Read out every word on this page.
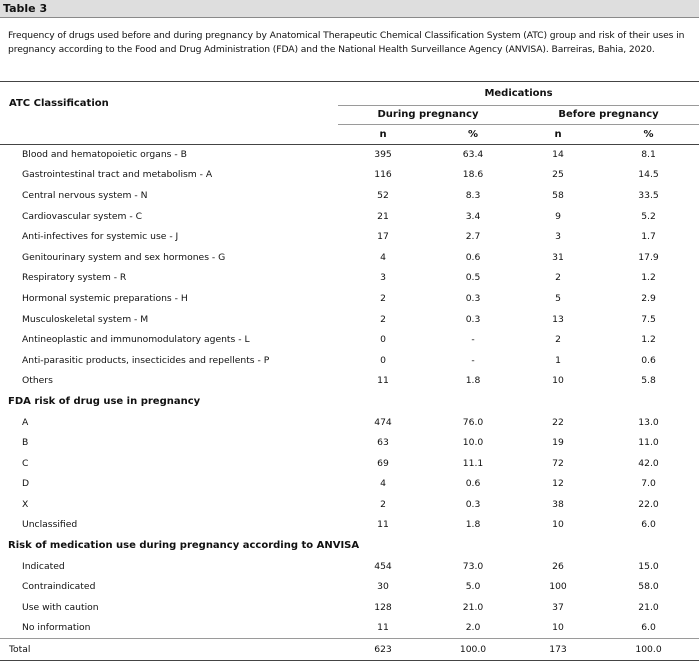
Table 3
Frequency of drugs used before and during pregnancy by Anatomical Therapeutic Chemical Classification System (ATC) group and risk of their uses in pregnancy according to the Food and Drug Administration (FDA) and the National Health Surveillance Agency (ANVISA). Barreiras, Bahia, 2020.
ATC Classification	Medications			
	During pregnancy		Before pregnancy	
	n	%	n	%
Blood and hematopoietic organs - B	395	63.4	14	8.1
Gastrointestinal tract and metabolism - A	116	18.6	25	14.5
Central nervous system - N	52	8.3	58	33.5
Cardiovascular system - C	21	3.4	9	5.2
Anti-infectives for systemic use - J	17	2.7	3	1.7
Genitourinary system and sex hormones - G	4	0.6	31	17.9
Respiratory system - R	3	0.5	2	1.2
Hormonal systemic preparations - H	2	0.3	5	2.9
Musculoskeletal system - M	2	0.3	13	7.5
Antineoplastic and immunomodulatory agents - L	0	-	2	1.2
Anti-parasitic products, insecticides and repellents - P	0	-	1	0.6
Others	11	1.8	10	5.8
FDA risk of drug use in pregnancy				
A	474	76.0	22	13.0
B	63	10.0	19	11.0
C	69	11.1	72	42.0
D	4	0.6	12	7.0
X	2	0.3	38	22.0
Unclassified	11	1.8	10	6.0
Risk of medication use during pregnancy according to ANVISA				
Indicated	454	73.0	26	15.0
Contraindicated	30	5.0	100	58.0
Use with caution	128	21.0	37	21.0
No information	11	2.0	10	6.0
Total	623	100.0	173	100.0
